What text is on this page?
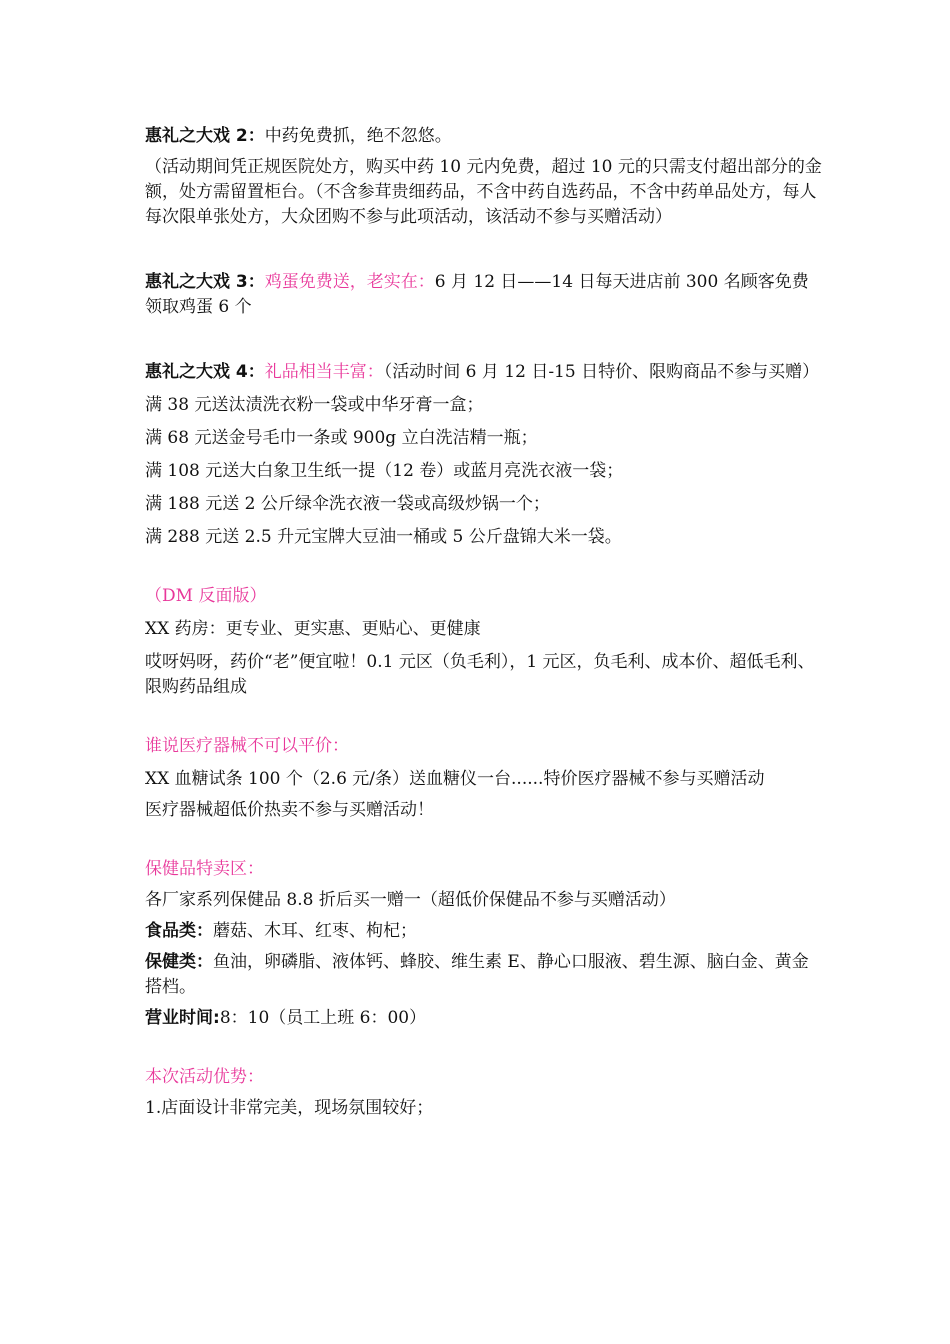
惠礼之大戏 2：中药免费抓，绝不忽悠。

（活动期间凭正规医院处方，购买中药 10 元内免费，超过 10 元的只需支付超出部分的金额，处方需留置柜台。（不含参茸贵细药品，不含中药自选药品，不含中药单品处方，每人每次限单张处方，大众团购不参与此项活动，该活动不参与买赠活动）

惠礼之大戏 3：鸡蛋免费送，老实在：6 月 12 日——14 日每天进店前 300 名顾客免费领取鸡蛋 6 个

惠礼之大戏 4：礼品相当丰富：（活动时间 6 月 12 日-15 日特价、限购商品不参与买赠）

满 38 元送汰渍洗衣粉一袋或中华牙膏一盒；

满 68 元送金号毛巾一条或 900g 立白洗洁精一瓶；

满 108 元送大白象卫生纸一提（12 卷）或蓝月亮洗衣液一袋；

满 188 元送 2 公斤绿伞洗衣液一袋或高级炒锅一个；

满 288 元送 2.5 升元宝牌大豆油一桶或 5 公斤盘锦大米一袋。

（DM 反面版）

XX 药房：更专业、更实惠、更贴心、更健康

哎呀妈呀，药价“老”便宜啦！0.1 元区（负毛利），1 元区，负毛利、成本价、超低毛利、限购药品组成

谁说医疗器械不可以平价：

XX 血糖试条 100 个（2.6 元/条）送血糖仪一台......特价医疗器械不参与买赠活动

医疗器械超低价热卖不参与买赠活动！

保健品特卖区：

各厂家系列保健品 8.8 折后买一赠一（超低价保健品不参与买赠活动）

食品类：蘑菇、木耳、红枣、枸杞；

保健类：鱼油，卵磷脂、液体钙、蜂胶、维生素 E、静心口服液、碧生源、脑白金、黄金搭档。

营业时间:8：10（员工上班 6：00）

本次活动优势：

1.店面设计非常完美，现场氛围较好；
